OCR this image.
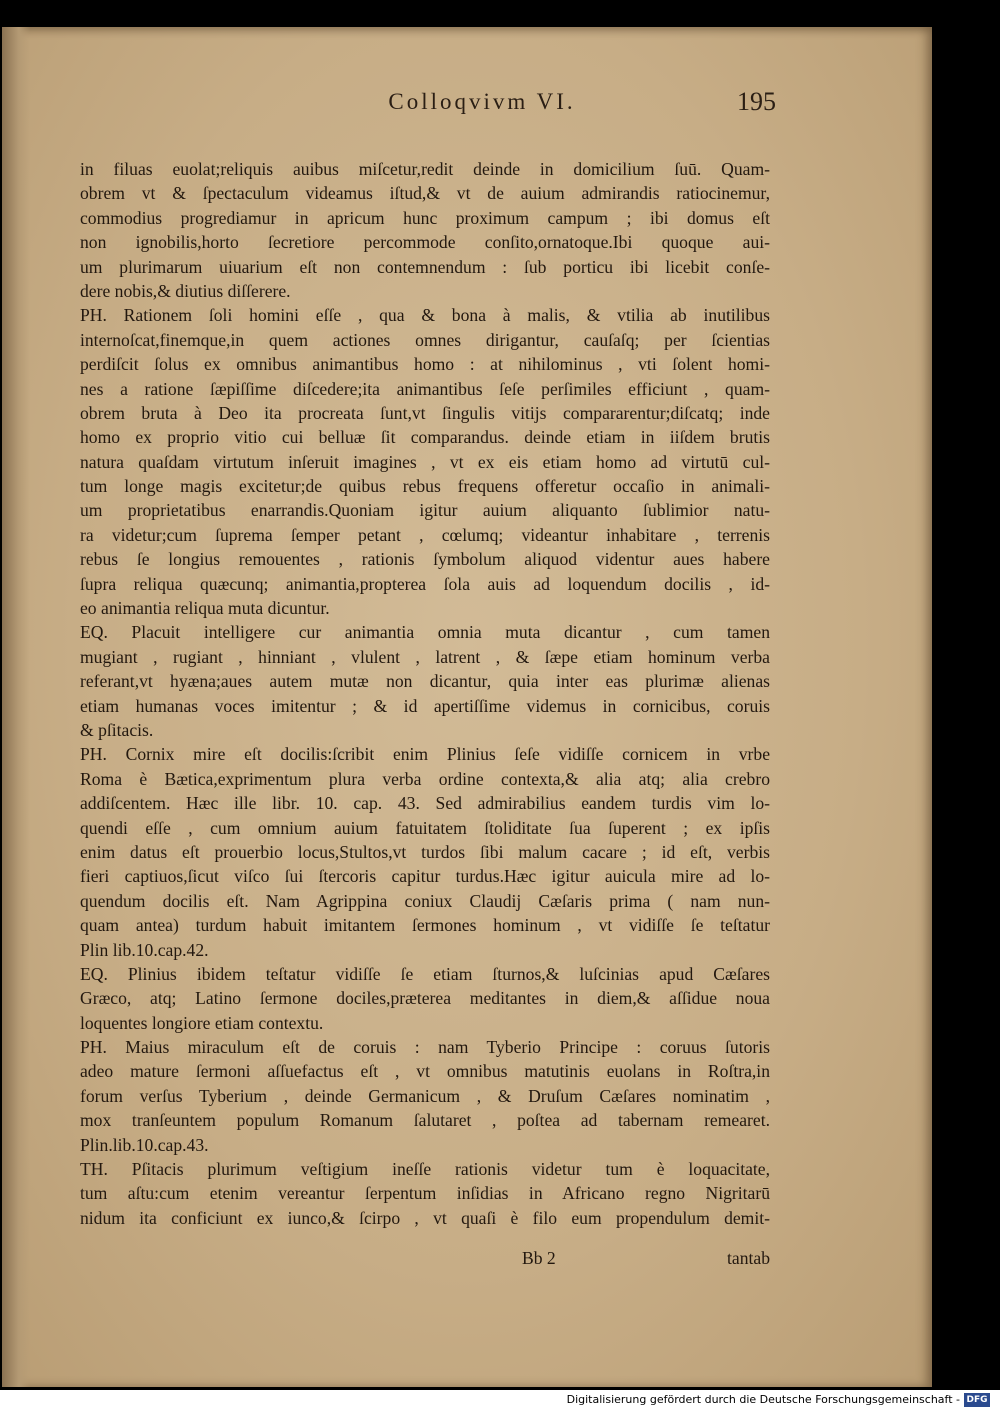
Colloqvivm VI.	195
in filuas euolat;reliquis auibus miſcetur,redit deinde in domicilium ſuū. Quam-
obrem vt & ſpectaculum videamus iſtud,& vt de auium admirandis ratiocinemur,
commodius progrediamur in apricum hunc proximum campum ; ibi domus eſt
non ignobilis,horto ſecretiore percommode conſito,ornatoque.Ibi quoque aui-
um plurimarum uiuarium eſt non contemnendum : ſub porticu ibi licebit conſe-
dere nobis,& diutius diſſerere.
PH. Rationem ſoli homini eſſe , qua & bona à malis, & vtilia ab inutilibus
internoſcat,finemque,in quem actiones omnes dirigantur, cauſaſq; per ſcientias
perdiſcit ſolus ex omnibus animantibus homo : at nihilominus , vti ſolent homi-
nes a ratione ſæpiſſime diſcedere;ita animantibus ſeſe perſimiles efficiunt , quam-
obrem bruta à Deo ita procreata ſunt,vt ſingulis vitijs compararentur;diſcatq; inde
homo ex proprio vitio cui belluæ ſit comparandus. deinde etiam in iiſdem brutis
natura quaſdam virtutum inſeruit imagines , vt ex eis etiam homo ad virtutū cul-
tum longe magis excitetur;de quibus rebus frequens offeretur occaſio in animali-
um proprietatibus enarrandis.Quoniam igitur auium aliquanto ſublimior natu-
ra videtur;cum ſuprema ſemper petant , cœlumq; videantur inhabitare , terrenis
rebus ſe longius remouentes , rationis ſymbolum aliquod videntur aues habere
ſupra reliqua quæcunq; animantia,propterea ſola auis ad loquendum docilis , id-
eo animantia reliqua muta dicuntur.
EQ. Placuit intelligere cur animantia omnia muta dicantur , cum tamen
mugiant , rugiant , hinniant , vlulent , latrent , & ſæpe etiam hominum verba
referant,vt hyæna;aues autem mutæ non dicantur, quia inter eas plurimæ alienas
etiam humanas voces imitentur ; & id apertiſſime videmus in cornicibus, coruis
& pſitacis.
PH. Cornix mire eſt docilis:ſcribit enim Plinius ſeſe vidiſſe cornicem in vrbe
Roma è Bætica,exprimentum plura verba ordine contexta,& alia atq; alia crebro
addiſcentem. Hæc ille libr. 10. cap. 43. Sed admirabilius eandem turdis vim lo-
quendi eſſe , cum omnium auium fatuitatem ſtoliditate ſua ſuperent ; ex ipſis
enim datus eſt prouerbio locus,Stultos,vt turdos ſibi malum cacare ; id eſt, verbis
fieri captiuos,ſicut viſco ſui ſtercoris capitur turdus.Hæc igitur auicula mire ad lo-
quendum docilis eſt. Nam Agrippina coniux Claudij Cæſaris prima ( nam nun-
quam antea) turdum habuit imitantem ſermones hominum , vt vidiſſe ſe teſtatur
Plin lib.10.cap.42.
EQ. Plinius ibidem teſtatur vidiſſe ſe etiam ſturnos,& luſcinias apud Cæſares
Græco, atq; Latino ſermone dociles,præterea meditantes in diem,& aſſidue noua
loquentes longiore etiam contextu.
PH. Maius miraculum eſt de coruis : nam Tyberio Principe : coruus ſutoris
adeo mature ſermoni aſſuefactus eſt , vt omnibus matutinis euolans in Roſtra,in
forum verſus Tyberium , deinde Germanicum , & Druſum Cæſares nominatim ,
mox tranſeuntem populum Romanum ſalutaret , poſtea ad tabernam remearet.
Plin.lib.10.cap.43.
TH. Pſitacis plurimum veſtigium ineſſe rationis videtur tum è loquacitate,
tum aſtu:cum etenim vereantur ſerpentum inſidias in Africano regno Nigritarū
nidum ita conficiunt ex iunco,& ſcirpo , vt quaſi è filo eum propendulum demit-
Bb 2	tantab
Digitalisierung gefördert durch die Deutsche Forschungsgemeinschaft - DFG
